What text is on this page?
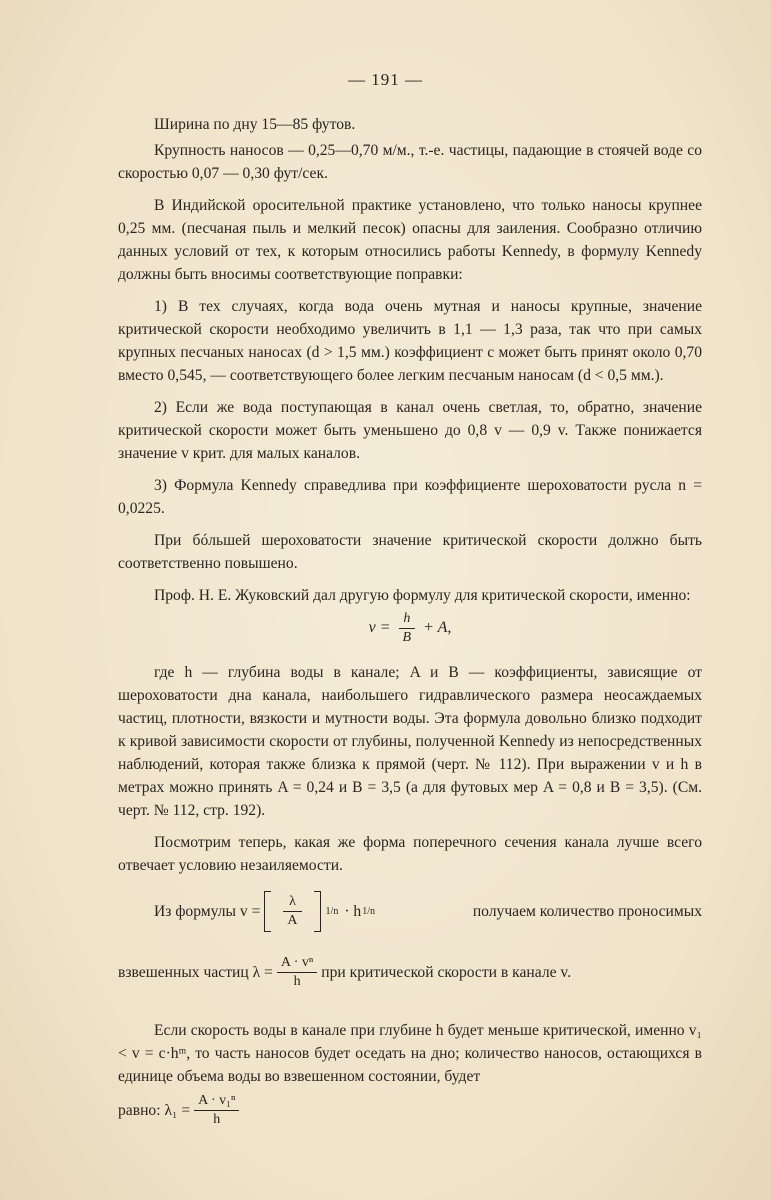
— 191 —

Ширина по дну 15—85 футов.

Крупность наносов — 0,25—0,70 м/м., т.-е. частицы, падающие в стоячей воде со скоростью 0,07 — 0,30 фут/сек.

В Индийской оросительной практике установлено, что только наносы крупнее 0,25 мм. (песчаная пыль и мелкий песок) опасны для заиления. Сообразно отличию данных условий от тех, к которым относились работы Kennedy, в формулу Kennedy должны быть вносимы соответствующие поправки:

1) В тех случаях, когда вода очень мутная и наносы крупные, значение критической скорости необходимо увеличить в 1,1 — 1,3 раза, так что при самых крупных песчаных наносах (d > 1,5 мм.) коэффициент c может быть принят около 0,70 вместо 0,545, — соответствующего более легким песчаным наносам (d < 0,5 мм.).

2) Если же вода поступающая в канал очень светлая, то, обратно, значение критической скорости может быть уменьшено до 0,8 v — 0,9 v. Также понижается значение v крит. для малых каналов.

3) Формула Kennedy справедлива при коэффициенте шероховатости русла n = 0,0225.

При бóльшей шероховатости значение критической скорости должно быть соответственно повышено.

Проф. Н. Е. Жуковский дал другую формулу для критической скорости, именно:

$v = \frac{h}{B} + A$,

где h — глубина воды в канале; A и B — коэффициенты, зависящие от шероховатости дна канала, наибольшего гидравлического размера неосаждаемых частиц, плотности, вязкости и мутности воды. Эта формула довольно близко подходит к кривой зависимости скорости от глубины, полученной Kennedy из непосредственных наблюдений, которая также близка к прямой (черт. № 112). При выражении v и h в метрах можно принять A = 0,24 и B = 3,5 (а для футовых мер A = 0,8 и B = 3,5). (См. черт. № 112, стр. 192).

Посмотрим теперь, какая же форма поперечного сечения канала лучше всего отвечает условию незаиляемости.

Из формулы $v = \frac{\lambda}{A} 1/n \cdot h$ 1/n	получаем количество проносимых
взвешенных частиц $\lambda = \frac{\text{A · vⁿ}}{h}$ при критической скорости в канале v.

Если скорость воды в канале при глубине h будет меньше критической, именно v₁ < v = c·hᵐ, то часть наносов будет оседать на дно; количество наносов, остающихся в единице объема воды во взвешенном состоянии, будет

равно: $\lambda_1 = \frac{\text{A · v₁ⁿ}}{h}$
